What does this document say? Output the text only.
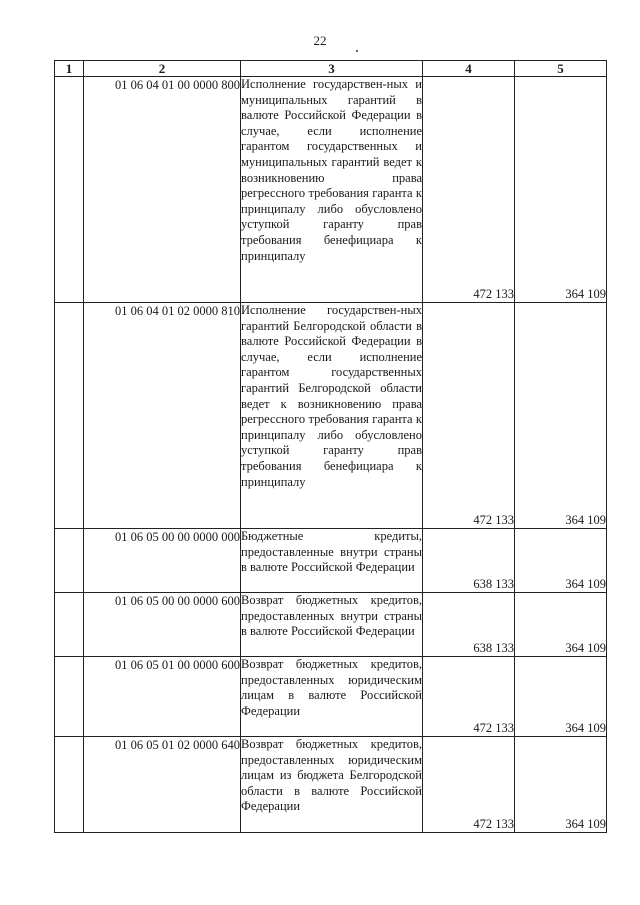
22
1	2	3	4	5
	01 06 04 01 00 0000 800	Исполнение государствен-ных и муниципальных гарантий в валюте Российской Федерации в случае, если исполнение гарантом государственных и муниципальных гарантий ведет к возникновению права регрессного требования гаранта к принципалу либо обусловлено уступкой гаранту прав требования бенефициара к принципалу	472 133	364 109
	01 06 04 01 02 0000 810	Исполнение государствен-ных гарантий Белгородской области в валюте Российской Федерации в случае, если исполнение гарантом государственных гарантий Белгородской области ведет к возникновению права регрессного требования гаранта к принципалу либо обусловлено уступкой гаранту прав требования бенефициара к принципалу	472 133	364 109
	01 06 05 00 00 0000 000	Бюджетные кредиты, предоставленные внутри страны в валюте Российской Федерации	638 133	364 109
	01 06 05 00 00 0000 600	Возврат бюджетных кредитов, предоставленных внутри страны в валюте Российской Федерации	638 133	364 109
	01 06 05 01 00 0000 600	Возврат бюджетных кредитов, предоставленных юридическим лицам в валюте Российской Федерации	472 133	364 109
	01 06 05 01 02 0000 640	Возврат бюджетных кредитов, предоставленных юридическим лицам из бюджета Белгородской области в валюте Российской Федерации	472 133	364 109
